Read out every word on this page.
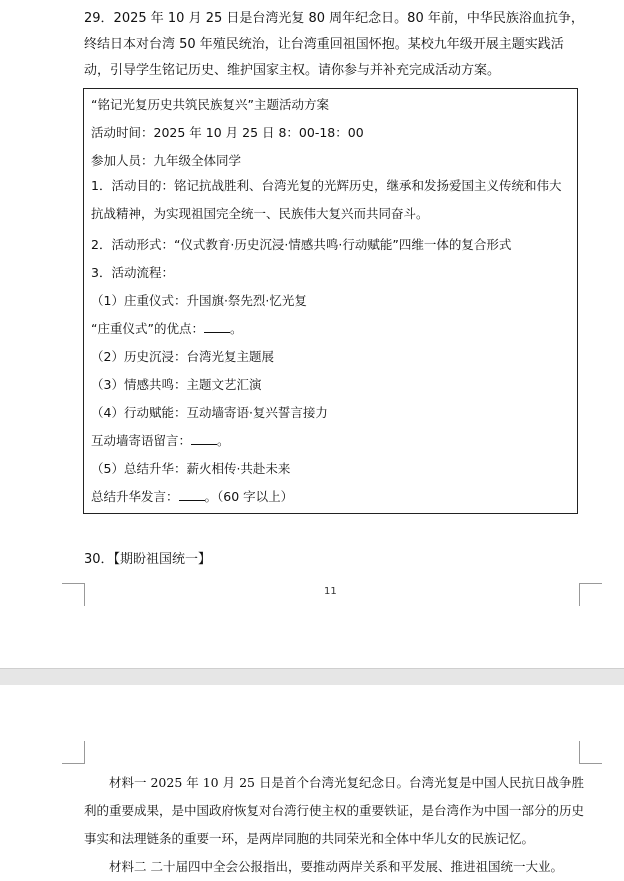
29．2025 年 10 月 25 日是台湾光复 80 周年纪念日。80 年前，中华民族浴血抗争，终结日本对台湾 50 年殖民统治，让台湾重回祖国怀抱。某校九年级开展主题实践活动，引导学生铭记历史、维护国家主权。请你参与并补充完成活动方案。
“铭记光复历史共筑民族复兴”主题活动方案
活动时间：2025 年 10 月 25 日 8：00-18：00
参加人员：九年级全体同学
1．活动目的：铭记抗战胜利、台湾光复的光辉历史，继承和发扬爱国主义传统和伟大抗战精神，为实现祖国完全统一、民族伟大复兴而共同奋斗。
2．活动形式：“仪式教育·历史沉浸·情感共鸣·行动赋能”四维一体的复合形式
3．活动流程：
（1）庄重仪式：升国旗·祭先烈·忆光复
“庄重仪式”的优点： 。
（2）历史沉浸：台湾光复主题展
（3）情感共鸣：主题文艺汇演
（4）行动赋能：互动墙寄语·复兴誓言接力
互动墙寄语留言： 。
（5）总结升华：薪火相传·共赴未来
总结升华发言： 。（60 字以上）
30．【期盼祖国统一】
11
材料一 2025 年 10 月 25 日是首个台湾光复纪念日。台湾光复是中国人民抗日战争胜利的重要成果，是中国政府恢复对台湾行使主权的重要铁证，是台湾作为中国一部分的历史事实和法理链条的重要一环，是两岸同胞的共同荣光和全体中华儿女的民族记忆。
材料二 二十届四中全会公报指出，要推动两岸关系和平发展、推进祖国统一大业。
